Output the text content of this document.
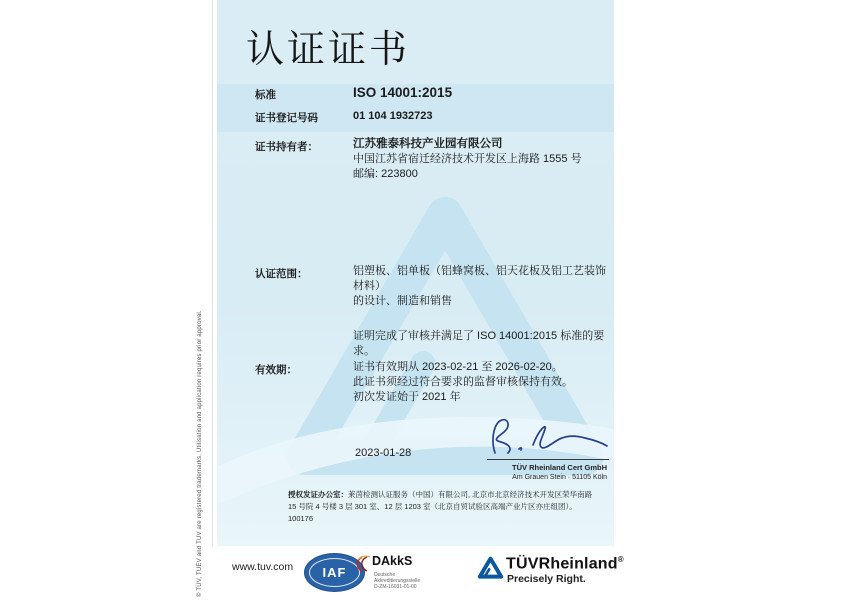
© TÜV, TUEV and TUV are registered trademarks. Utilisation and application requires prior approval.
认证证书
标准	ISO 14001:2015
证书登记号码	01 104 1932723
证书持有者：	江苏雅泰科技产业园有限公司
中国江苏省宿迁经济技术开发区上海路 1555 号
邮编: 223800
认证范围：	铝塑板、铝单板（铝蜂窝板、铝天花板及铝工艺装饰材料）
的设计、制造和销售
证明完成了审核并满足了 ISO 14001:2015 标准的要求。
有效期：	证书有效期从 2023-02-21 至 2026-02-20。
此证书须经过符合要求的监督审核保持有效。
初次发证始于 2021 年
2023-01-28
TÜV Rheinland Cert GmbH
Am Grauen Stein · 51105 Köln
授权发证办公室：莱茵检测认证服务（中国）有限公司, 北京市北京经济技术开发区荣华南路
15 号院 4 号楼 3 层 301 室、12 层 1203 室（北京自贸试验区高端产业片区亦庄组团）。
100176
www.tuv.com IAF
DAkkS
Deutsche
Akkreditierungsstelle
D-ZM-16031-01-00
TÜVRheinland®
Precisely Right.
